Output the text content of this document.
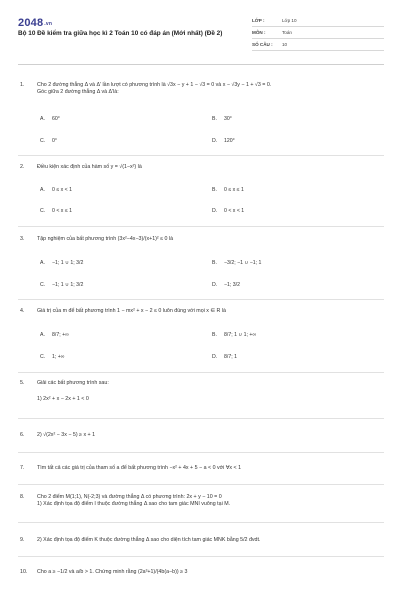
$2048^{.vn}$
Bộ 10 Đề kiểm tra giữa học kì 2 Toán 10 có đáp án (Mới nhất) (Đề 2)
LỚP :	Lớp 10
MÔN :	Toán
SỐ CÂU :	10
1.	Cho 2 đường thẳng Δ và Δ' lần lượt có phương trình là √3x − y + 1 − √3 = 0 và x − √3y − 1 + √3 = 0.
Góc giữa 2 đường thẳng Δ và Δ'là:
A. 60°	B. 30°
C. 0°	D. 120°
2.	Điều kiện xác định của hàm số y = √(1−x²) là
A. 0 ≤ x < 1	B. 0 ≤ x ≤ 1
C. 0 < x ≤ 1	D. 0 < x < 1
3.	Tập nghiệm của bất phương trình (3x²−4x−3)/(x+1)² ≤ 0 là
A. −1; 1 ∪ 1; 3/2	B. −3/2; −1 ∪ −1; 1
C. −1; 1 ∪ 1; 3/2	D. −1; 3/2
4.	Giá trị của m để bất phương trình 1 − mx² + x − 2 ≤ 0 luôn đúng với mọi x ∈ R là
A. 8/7; +∞	B. 8/7; 1 ∪ 1; +∞
C. 1; +∞	D. 8/7; 1
5.	Giải các bất phương trình sau:
1) 2x² + x − 2x + 1 < 0
6.	2) √(2x² − 3x − 5) ≥ x + 1
7.	Tìm tất cả các giá trị của tham số a để bất phương trình −x² + 4x + 5 − a < 0 với ∀x < 1
8.	Cho 2 điểm M(1;1), N(-2;3) và đường thẳng Δ có phương trình: 2x + y − 10 = 0
1) Xác định tọa độ điểm I thuộc đường thẳng Δ sao cho tam giác MNI vuông tại M.
9.	2) Xác định tọa độ điểm K thuộc đường thẳng Δ sao cho diện tích tam giác MNK bằng 5/2 đvdt.
10.	Cho a ≥ −1/2 và a/b > 1. Chứng minh rằng (2a³+1)/(4b(a−b)) ≥ 3
